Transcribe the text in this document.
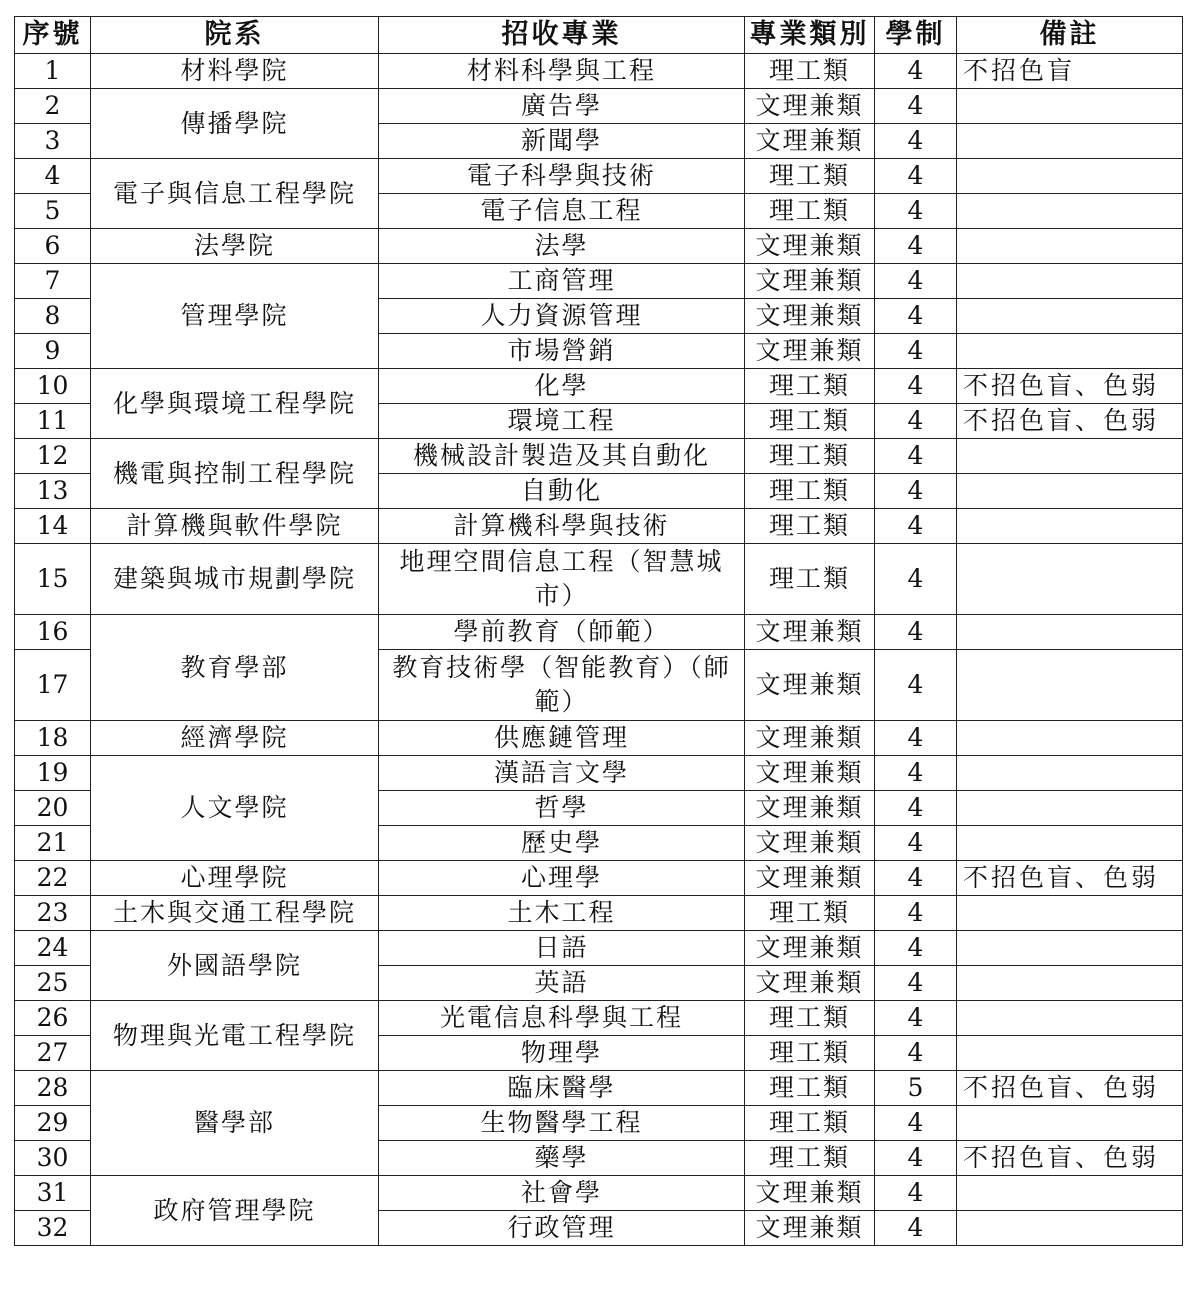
序號	院系	招收專業	專業類別	學制	備註
1	材料學院	材料科學與工程	理工類	4	不招色盲
2	傳播學院	廣告學	文理兼類	4	
3		新聞學	文理兼類	4	
4	電子與信息工程學院	電子科學與技術	理工類	4	
5		電子信息工程	理工類	4	
6	法學院	法學	文理兼類	4	
7	管理學院	工商管理	文理兼類	4	
8		人力資源管理	文理兼類	4	
9		市場營銷	文理兼類	4	
10	化學與環境工程學院	化學	理工類	4	不招色盲、色弱
11		環境工程	理工類	4	不招色盲、色弱
12	機電與控制工程學院	機械設計製造及其自動化	理工類	4	
13		自動化	理工類	4	
14	計算機與軟件學院	計算機科學與技術	理工類	4	
15	建築與城市規劃學院	地理空間信息工程（智慧城市）	理工類	4	
16	教育學部	學前教育（師範）	文理兼類	4	
17		教育技術學（智能教育）（師範）	文理兼類	4	
18	經濟學院	供應鏈管理	文理兼類	4	
19	人文學院	漢語言文學	文理兼類	4	
20		哲學	文理兼類	4	
21		歷史學	文理兼類	4	
22	心理學院	心理學	文理兼類	4	不招色盲、色弱
23	土木與交通工程學院	土木工程	理工類	4	
24	外國語學院	日語	文理兼類	4	
25		英語	文理兼類	4	
26	物理與光電工程學院	光電信息科學與工程	理工類	4	
27		物理學	理工類	4	
28	醫學部	臨床醫學	理工類	5	不招色盲、色弱
29		生物醫學工程	理工類	4	
30		藥學	理工類	4	不招色盲、色弱
31	政府管理學院	社會學	文理兼類	4	
32		行政管理	文理兼類	4	
